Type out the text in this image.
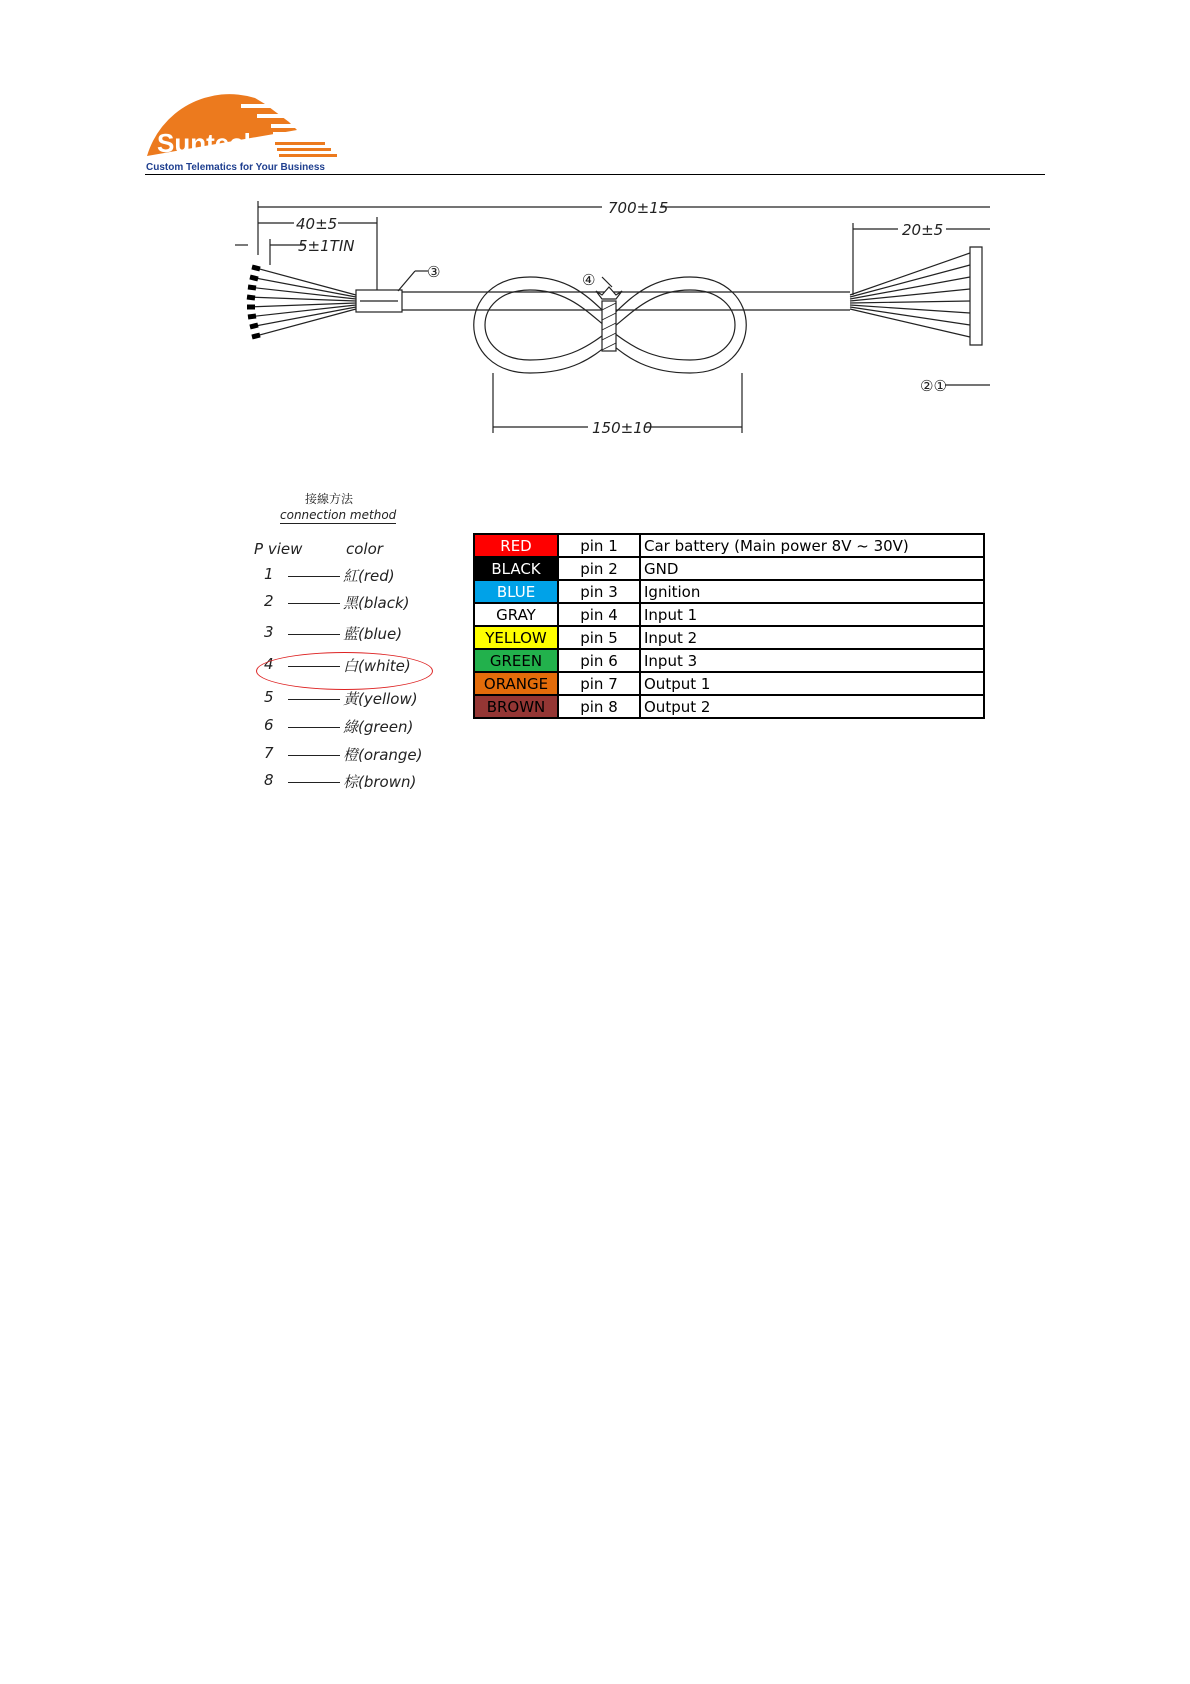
Suntech
Custom Telematics for Your Business
700±15
40±5
5±1TIN
20±5
150±10
③	④
②①
接線方法
connection method
P view	color
1	紅(red)
2	黑(black)
3	藍(blue)
4	白(white)
5	黃(yellow)
6	綠(green)
7	橙(orange)
8	棕(brown)
RED	pin 1	Car battery (Main power 8V ~ 30V)
BLACK	pin 2	GND
BLUE	pin 3	Ignition
GRAY	pin 4	Input 1
YELLOW	pin 5	Input 2
GREEN	pin 6	Input 3
ORANGE	pin 7	Output 1
BROWN	pin 8	Output 2
